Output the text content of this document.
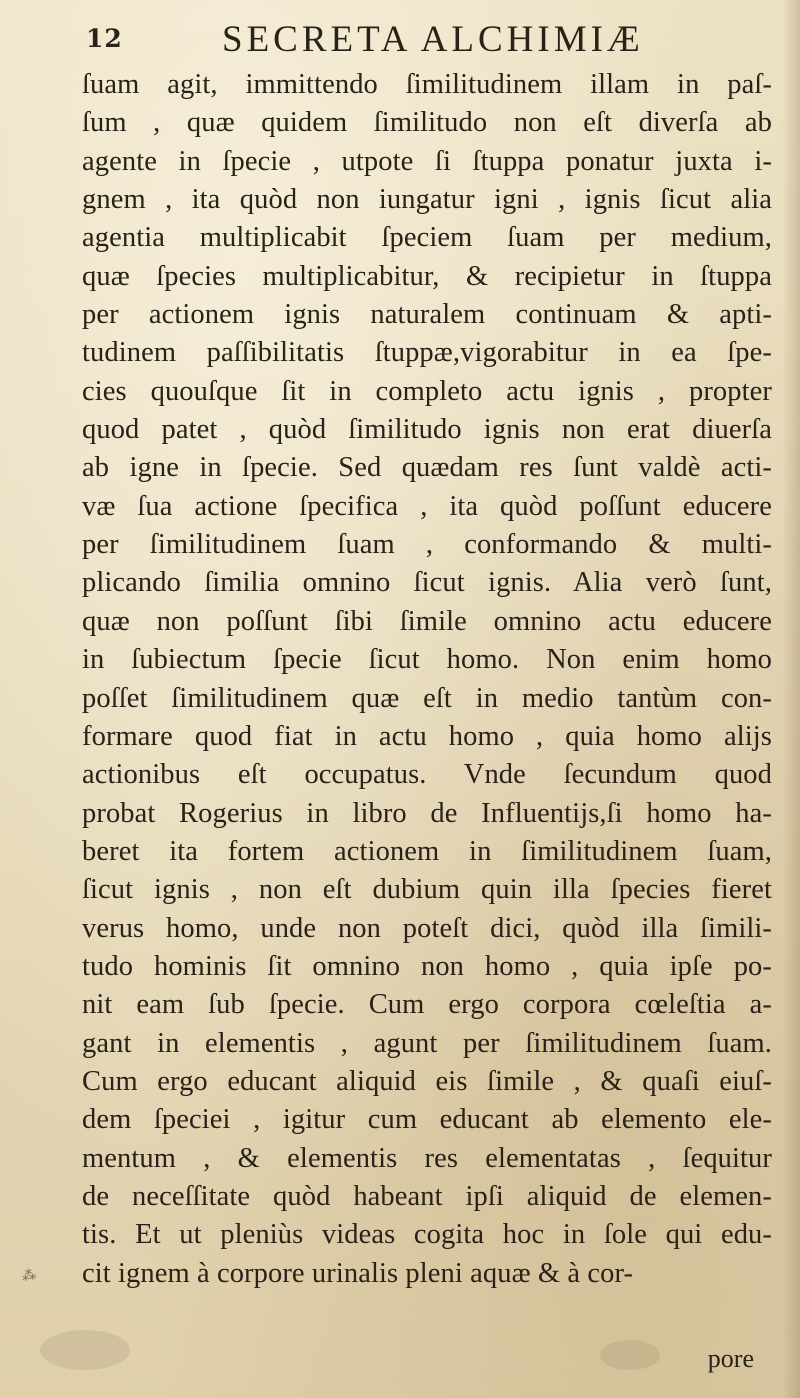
12	SECRETA ALCHIMIÆ
ſuam agit, immittendo ſimilitudinem illam in paſ-
ſum , quæ quidem ſimilitudo non eſt diverſa ab
agente in ſpecie , utpote ſi ſtuppa ponatur juxta i-
gnem , ita quòd non iungatur igni , ignis ſicut alia
agentia multiplicabit ſpeciem ſuam per medium,
quæ ſpecies multiplicabitur, & recipietur in ſtuppa
per actionem ignis naturalem continuam & apti-
tudinem paſſibilitatis ſtuppæ,vigorabitur in ea ſpe-
cies quouſque ſit in completo actu ignis , propter
quod patet , quòd ſimilitudo ignis non erat diuerſa
ab igne in ſpecie. Sed quædam res ſunt valdè acti-
væ ſua actione ſpecifica , ita quòd poſſunt educere
per ſimilitudinem ſuam , conformando & multi-
plicando ſimilia omnino ſicut ignis. Alia verò ſunt,
quæ non poſſunt ſibi ſimile omnino actu educere
in ſubiectum ſpecie ſicut homo. Non enim homo
poſſet ſimilitudinem quæ eſt in medio tantùm con-
formare quod fiat in actu homo , quia homo alijs
actionibus eſt occupatus. Vnde ſecundum quod
probat Rogerius in libro de Influentijs,ſi homo ha-
beret ita fortem actionem in ſimilitudinem ſuam,
ſicut ignis , non eſt dubium quin illa ſpecies fieret
verus homo, unde non poteſt dici, quòd illa ſimili-
tudo hominis ſit omnino non homo , quia ipſe po-
nit eam ſub ſpecie. Cum ergo corpora cœleſtia a-
gant in elementis , agunt per ſimilitudinem ſuam.
Cum ergo educant aliquid eis ſimile , & quaſi eiuſ-
dem ſpeciei , igitur cum educant ab elemento ele-
mentum , & elementis res elementatas , ſequitur
de neceſſitate quòd habeant ipſi aliquid de elemen-
tis. Et ut pleniùs videas cogita hoc in ſole qui edu-
cit ignem à corpore urinalis pleni aquæ & à cor-
⁂
pore
